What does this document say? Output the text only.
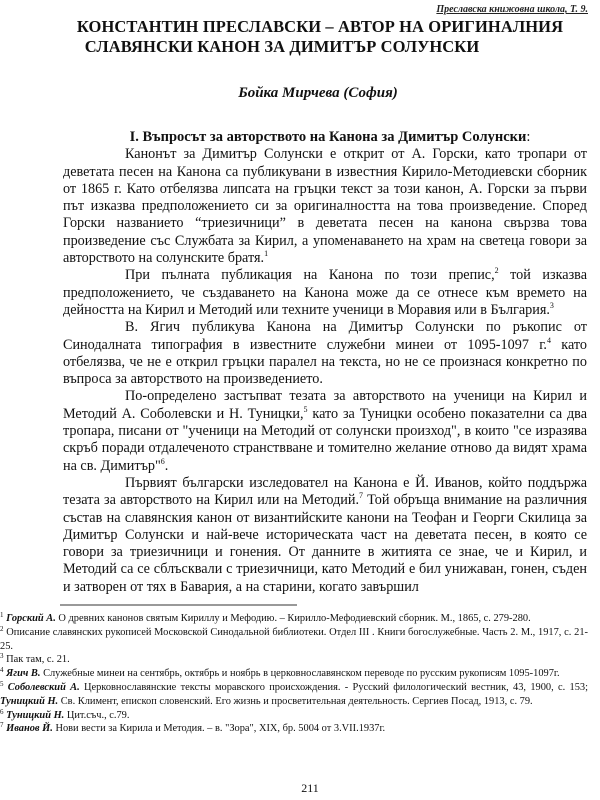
Преславска книжовна школа, Т. 9.
КОНСТАНТИН ПРЕСЛАВСКИ – АВТОР НА ОРИГИНАЛНИЯ
СЛАВЯНСКИ КАНОН ЗА ДИМИТЪР СОЛУНСКИ
Бойка Мирчева (София)

I. Въпросът за авторството на Канона за Димитър Солунски:

Канонът за Димитър Солунски е открит от А. Горски, като тропари от деветата песен на Канона са публикувани в известния Кирило-Методиевски сборник от 1865 г. Като отбелязва липсата на гръцки текст за този канон, А. Горски за първи път изказва предположението си за оригиналността на това произведение. Според Горски названието “триезичници” в деветата песен на канона свързва това произведение със Службата за Кирил, а упоменаването на храм на светеца говори за авторството на солунските братя.$^1$

При пълната публикация на Канона по този препис,$^2$ той изказва предположението, че създаването на Канона може да се отнесе към времето на дейността на Кирил и Методий или техните ученици в Моравия или в България.$^3$

В. Ягич публикува Канона на Димитър Солунски по ръкопис от Синодалната типография в известните служебни минеи от 1095-1097 г.$^4$ като отбелязва, че не е открил гръцки паралел на текста, но не се произнася конкретно по въпроса за авторството на произведението.

По-определено застъпват тезата за авторството на ученици на Кирил и Методий А. Соболевски и Н. Туницки,$^5$ като за Туницки особено показателни са два тропара, писани от "ученици на Методий от солунски произход", в които "се изразява скръб поради отдалеченото странствване и томително желание отново да видят храма на св. Димитър"$^6$.

Първият български изследовател на Канона е Й. Иванов, който поддържа тезата за авторството на Кирил или на Методий.$^7$ Той обръща внимание на различния състав на славянския канон от византийските канони на Теофан и Георги Скилица за Димитър Солунски и най-вече историческата част на деветата песен, в която се говори за триезичници и гонения. От данните в житията се знае, че и Кирил, и Методий са се сблъсквали с триезичници, като Методий е бил унижаван, гонен, съден и затворен от тях в Бавария, а на старини, когато завършил

$^1$ Горский А. О древних канонов святым Кириллу и Мефодию. – Кирилло-Мефодиевский сборник. М., 1865, с. 279-280.

$^2$ Описание славянских рукописей Московской Синодальной библиотеки. Отдел III . Книги богослужебные. Часть 2. М., 1917, с. 21-25.

$^3$ Пак там, с. 21.

$^4$ Ягич В. Служебные минеи на сентябрь, октябрь и ноябрь в церковнославянском переводе по русским рукописям 1095-1097г.

$^5$ Соболевский А. Церковнославянские тексты моравского происхождения. - Русский филологический вестник, 43, 1900, с. 153; Туницкий Н. Св. Климент, епископ словенский. Его жизнь и просветительная деятельность. Сергиев Посад, 1913, с. 79.

$^6$ Туницкий Н. Цит.съч., с.79.

$^7$ Иванов Й. Нови вести за Кирила и Методия. – в. "Зора", XIX, бр. 5004 от 3.VII.1937г.

211
